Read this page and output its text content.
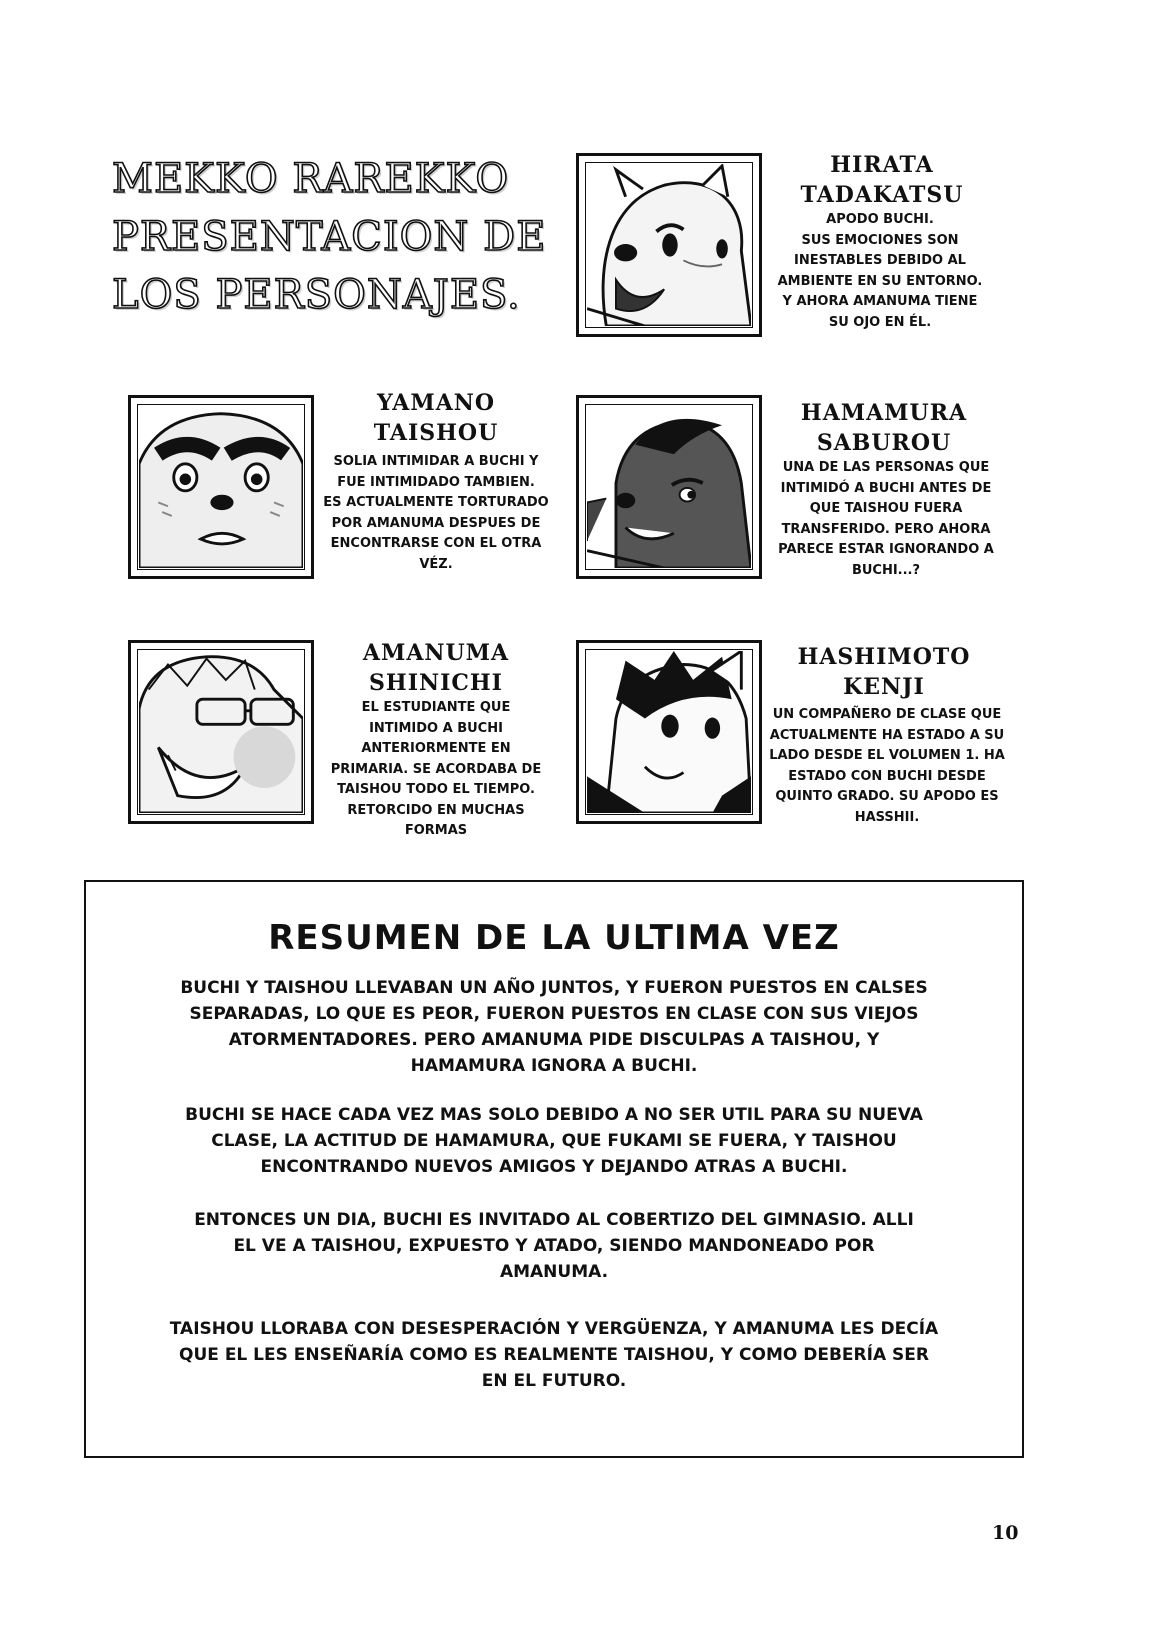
MEKKO RAREKKO
PRESENTACION DE
LOS PERSONAJES.
HIRATA
TADAKATSU
APODO BUCHI.
SUS EMOCIONES SON
INESTABLES DEBIDO AL
AMBIENTE EN SU ENTORNO.
Y AHORA AMANUMA TIENE
SU OJO EN ÉL.
YAMANO
TAISHOU
SOLIA INTIMIDAR A BUCHI Y
FUE INTIMIDADO TAMBIEN.
ES ACTUALMENTE TORTURADO
POR AMANUMA DESPUES DE
ENCONTRARSE CON EL OTRA
VÉZ.
HAMAMURA
SABUROU
UNA DE LAS PERSONAS QUE
INTIMIDÓ A BUCHI ANTES DE
QUE TAISHOU FUERA
TRANSFERIDO. PERO AHORA
PARECE ESTAR IGNORANDO A
BUCHI...?
AMANUMA
SHINICHI
EL ESTUDIANTE QUE
INTIMIDO A BUCHI
ANTERIORMENTE EN
PRIMARIA. SE ACORDABA DE
TAISHOU TODO EL TIEMPO.
RETORCIDO EN MUCHAS
FORMAS
HASHIMOTO
KENJI
UN COMPAÑERO DE CLASE QUE
ACTUALMENTE HA ESTADO A SU
LADO DESDE EL VOLUMEN 1. HA
ESTADO CON BUCHI DESDE
QUINTO GRADO. SU APODO ES
HASSHII.
RESUMEN DE LA ULTIMA VEZ
BUCHI Y TAISHOU LLEVABAN UN AÑO JUNTOS, Y FUERON PUESTOS EN CALSES
SEPARADAS, LO QUE ES PEOR, FUERON PUESTOS EN CLASE CON SUS VIEJOS
ATORMENTADORES. PERO AMANUMA PIDE DISCULPAS A TAISHOU, Y
HAMAMURA IGNORA A BUCHI.
BUCHI SE HACE CADA VEZ MAS SOLO DEBIDO A NO SER UTIL PARA SU NUEVA
CLASE, LA ACTITUD DE HAMAMURA, QUE FUKAMI SE FUERA, Y TAISHOU
ENCONTRANDO NUEVOS AMIGOS Y DEJANDO ATRAS A BUCHI.
ENTONCES UN DIA, BUCHI ES INVITADO AL COBERTIZO DEL GIMNASIO. ALLI
EL VE A TAISHOU, EXPUESTO Y ATADO, SIENDO MANDONEADO POR
AMANUMA.
TAISHOU LLORABA CON DESESPERACIÓN Y VERGÜENZA, Y AMANUMA LES DECÍA
QUE EL LES ENSEÑARÍA COMO ES REALMENTE TAISHOU, Y COMO DEBERÍA SER
EN EL FUTURO.
10
